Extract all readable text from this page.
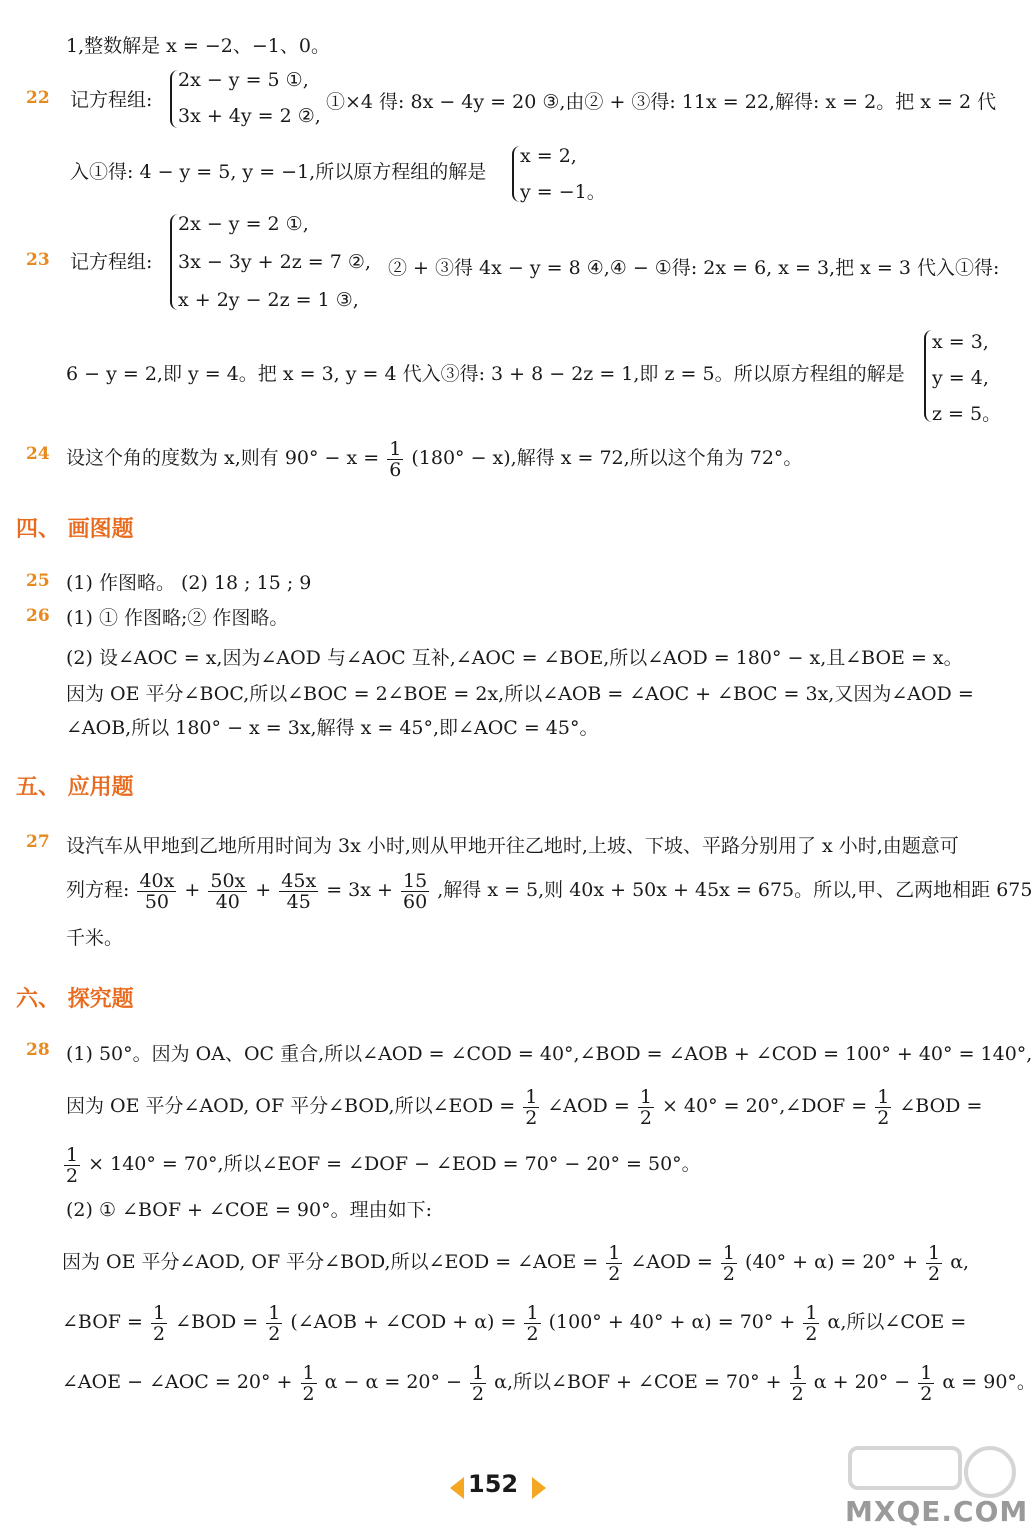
1,整数解是 x = −2、−1、0。
22 记方程组:
2x − y = 5 ①,
3x + 4y = 2 ②,
①×4 得: 8x − 4y = 20 ③,由② + ③得: 11x = 22,解得: x = 2。把 x = 2 代
入①得: 4 − y = 5, y = −1,所以原方程组的解是
x = 2,
y = −1。
23 记方程组:
2x − y = 2 ①,
3x − 3y + 2z = 7 ②,
x + 2y − 2z = 1 ③,
② + ③得 4x − y = 8 ④,④ − ①得: 2x = 6, x = 3,把 x = 3 代入①得:
6 − y = 2,即 y = 4。把 x = 3, y = 4 代入③得: 3 + 8 − 2z = 1,即 z = 5。所以原方程组的解是
x = 3,
y = 4,
z = 5。
24 设这个角的度数为 x,则有 $90^\circ - x = \frac{1}{6} (180^\circ - x)$,解得 x = 72,所以这个角为 72°。
四、 画图题
25 (1) 作图略。 (2) 18 ; 15 ; 9
26 (1) ① 作图略;② 作图略。
(2) 设∠AOC = x,因为∠AOD 与∠AOC 互补,∠AOC = ∠BOE,所以∠AOD = 180° − x,且∠BOE = x。
因为 OE 平分∠BOC,所以∠BOC = 2∠BOE = 2x,所以∠AOB = ∠AOC + ∠BOC = 3x,又因为∠AOD =
∠AOB,所以 180° − x = 3x,解得 x = 45°,即∠AOC = 45°。
五、 应用题
27 设汽车从甲地到乙地所用时间为 3x 小时,则从甲地开往乙地时,上坡、下坡、平路分别用了 x 小时,由题意可
列方程: $\frac{40x}{50} + \frac{50x}{40} + \frac{45x}{45} = 3x + \frac{15}{60}$ ,解得 x = 5,则 40x + 50x + 45x = 675。所以,甲、乙两地相距 675
千米。
六、 探究题
28 (1) 50°。因为 OA、OC 重合,所以∠AOD = ∠COD = 40°,∠BOD = ∠AOB + ∠COD = 100° + 40° = 140°,
因为 OE 平分∠AOD, OF 平分∠BOD,所以∠EOD = $\frac{1}{2}$ ∠AOD = $\frac{1}{2} \times 40^\circ$ = 20°,∠DOF = $\frac{1}{2}$ ∠BOD =
$\frac{1}{2} \times 140^\circ = 70^\circ$,所以∠EOF = ∠DOF − ∠EOD = 70° − 20° = 50°。
(2) ① ∠BOF + ∠COE = 90°。理由如下:
因为 OE 平分∠AOD, OF 平分∠BOD,所以∠EOD = ∠AOE = $\frac{1}{2}$ ∠AOD = $\frac{1}{2} (40^\circ + \alpha) = 20^\circ + \frac{1}{2} \alpha$,
∠BOF = $\frac{1}{2}$ ∠BOD = $\frac{1}{2}$ (∠AOB + ∠COD + $\alpha) = \frac{1}{2} (100^\circ + 40^\circ + \alpha) = 70^\circ + \frac{1}{2} \alpha$,所以∠COE =
∠AOE − ∠AOC = $20^\circ + \frac{1}{2}$ $\alpha - \alpha = 20^\circ - \frac{1}{2} \alpha$,所以∠BOF + ∠COE = $70^\circ + \frac{1}{2}$ $\alpha + 20^\circ - \frac{1}{2}$ α = 90°。
152
MXQE.COM
